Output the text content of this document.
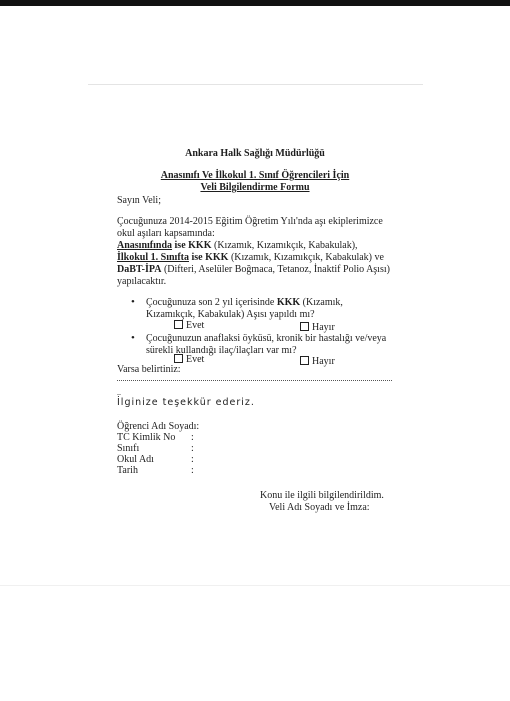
Ankara Halk Sağlığı Müdürlüğü
Anasınıfı Ve İlkokul 1. Sınıf Öğrencileri İçin
Veli Bilgilendirme Formu
Sayın Veli;
Çocuğunuza 2014-2015 Eğitim Öğretim Yılı'nda aşı ekiplerimizce
okul aşıları kapsamında:
Anasınıfında ise KKK (Kızamık, Kızamıkçık, Kabakulak),
İlkokul 1. Sınıfta ise KKK (Kızamık, Kızamıkçık, Kabakulak) ve
DaBT-İPA (Difteri, Aselüler Boğmaca, Tetanoz, İnaktif Polio Aşısı)
yapılacaktır.
• Çocuğunuza son 2 yıl içerisinde KKK (Kızamık,
Kızamıkçık, Kabakulak) Aşısı yapıldı mı?
Evet	Hayır
• Çocuğunuzun anaflaksi öyküsü, kronik bir hastalığı ve/veya
sürekli kullandığı ilaç/ilaçları var mı?
Evet	Hayır
Varsa belirtiniz:
..
İlginize teşekkür ederiz.
Öğrenci Adı Soyadı:
TC Kimlik No :
Sınıfı	:
Okul Adı	:
Tarih	:
Konu ile ilgili bilgilendirildim.
Veli Adı Soyadı ve İmza:
